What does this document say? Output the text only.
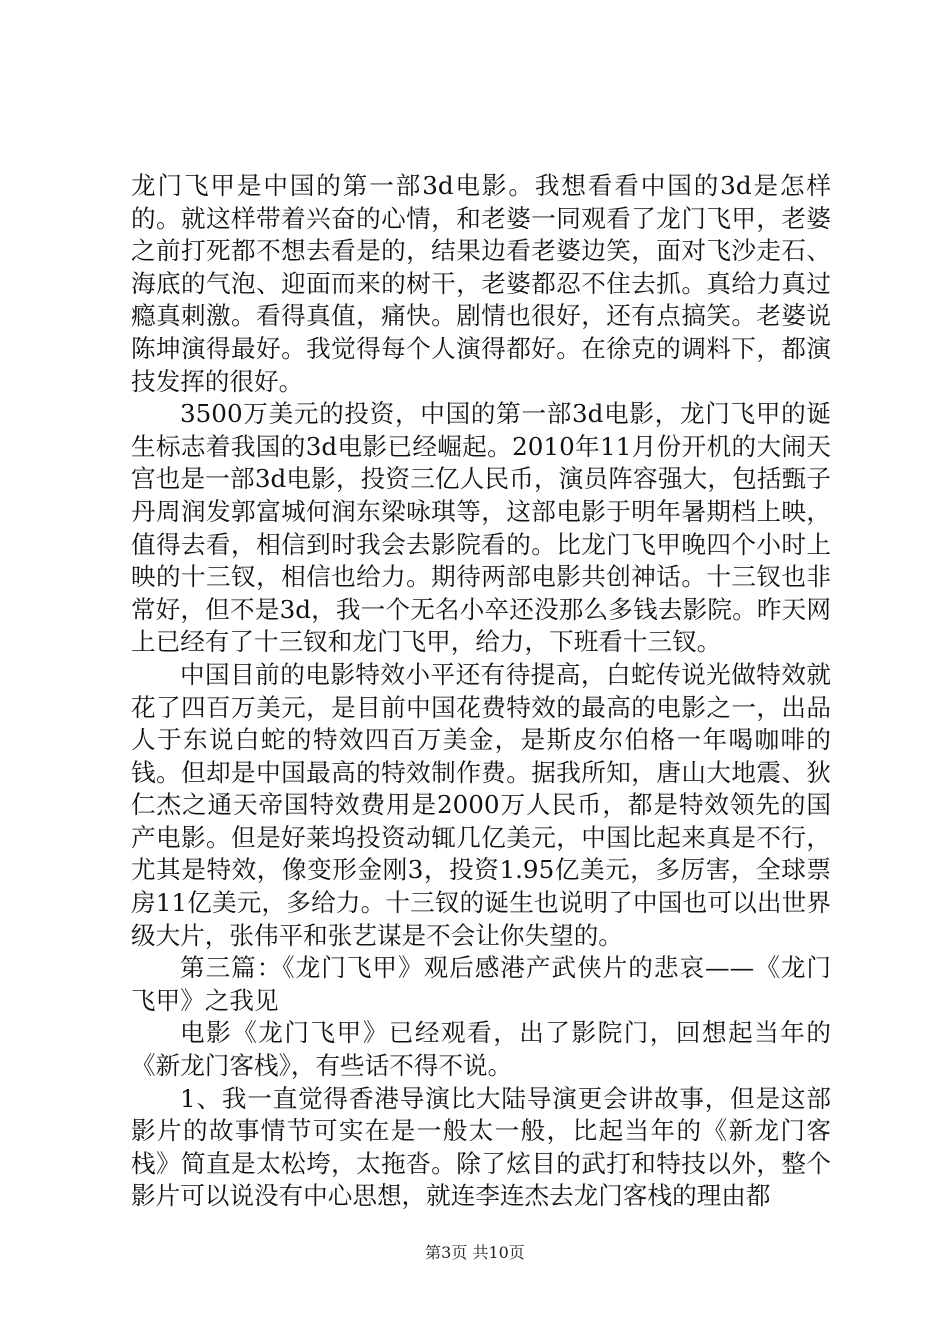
龙门飞甲是中国的第一部3d电影。我想看看中国的3d是怎样的。就这样带着兴奋的心情，和老婆一同观看了龙门飞甲，老婆之前打死都不想去看是的，结果边看老婆边笑，面对飞沙走石、海底的气泡、迎面而来的树干，老婆都忍不住去抓。真给力真过瘾真刺激。看得真值，痛快。剧情也很好，还有点搞笑。老婆说陈坤演得最好。我觉得每个人演得都好。在徐克的调料下，都演技发挥的很好。

3500万美元的投资，中国的第一部3d电影，龙门飞甲的诞生标志着我国的3d电影已经崛起。2010年11月份开机的大闹天宫也是一部3d电影，投资三亿人民币，演员阵容强大，包括甄子丹周润发郭富城何润东梁咏琪等，这部电影于明年暑期档上映，值得去看，相信到时我会去影院看的。比龙门飞甲晚四个小时上映的十三钗，相信也给力。期待两部电影共创神话。十三钗也非常好，但不是3d，我一个无名小卒还没那么多钱去影院。昨天网上已经有了十三钗和龙门飞甲，给力，下班看十三钗。

中国目前的电影特效小平还有待提高，白蛇传说光做特效就花了四百万美元，是目前中国花费特效的最高的电影之一，出品人于东说白蛇的特效四百万美金，是斯皮尔伯格一年喝咖啡的钱。但却是中国最高的特效制作费。据我所知，唐山大地震、狄仁杰之通天帝国特效费用是2000万人民币，都是特效领先的国产电影。但是好莱坞投资动辄几亿美元，中国比起来真是不行，尤其是特效，像变形金刚3，投资1.95亿美元，多厉害，全球票房11亿美元，多给力。十三钗的诞生也说明了中国也可以出世界级大片，张伟平和张艺谋是不会让你失望的。

第三篇：《龙门飞甲》观后感港产武侠片的悲哀——《龙门飞甲》之我见

电影《龙门飞甲》已经观看，出了影院门，回想起当年的《新龙门客栈》，有些话不得不说。

1、我一直觉得香港导演比大陆导演更会讲故事，但是这部影片的故事情节可实在是一般太一般，比起当年的《新龙门客栈》简直是太松垮，太拖沓。除了炫目的武打和特技以外，整个影片可以说没有中心思想，就连李连杰去龙门客栈的理由都

第3页 共10页
